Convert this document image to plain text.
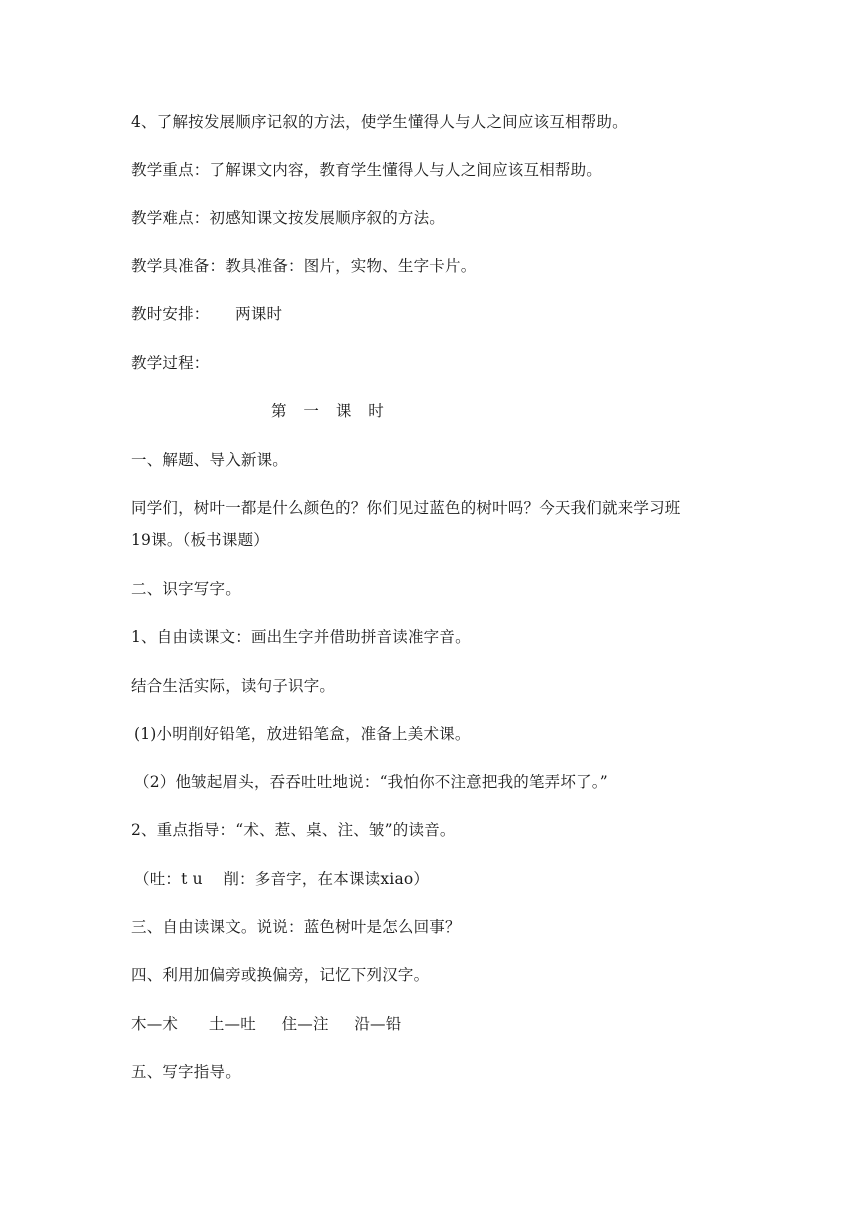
4、了解按发展顺序记叙的方法，使学生懂得人与人之间应该互相帮助。
教学重点：了解课文内容，教育学生懂得人与人之间应该互相帮助。
教学难点：初感知课文按发展顺序叙的方法。
教学具准备：教具准备：图片，实物、生字卡片。
教时安排：     两课时
教学过程：
第 一 课 时
一、解题、导入新课。
同学们，树叶一都是什么颜色的？你们见过蓝色的树叶吗？今天我们就来学习班
19课。（板书课题）
二、识字写字。
1、自由读课文：画出生字并借助拼音读准字音。
结合生活实际，读句子识字。
(1)小明削好铅笔，放进铅笔盒，准备上美术课。
（2）他皱起眉头，吞吞吐吐地说：“我怕你不注意把我的笔弄坏了。”
2、重点指导：“术、惹、桌、注、皱”的读音。
（吐：t u    削：多音字，在本课读xiao）
三、自由读课文。说说：蓝色树叶是怎么回事？
四、利用加偏旁或换偏旁，记忆下列汉字。
木—术      土—吐     住—注     沿—铅
五、写字指导。
